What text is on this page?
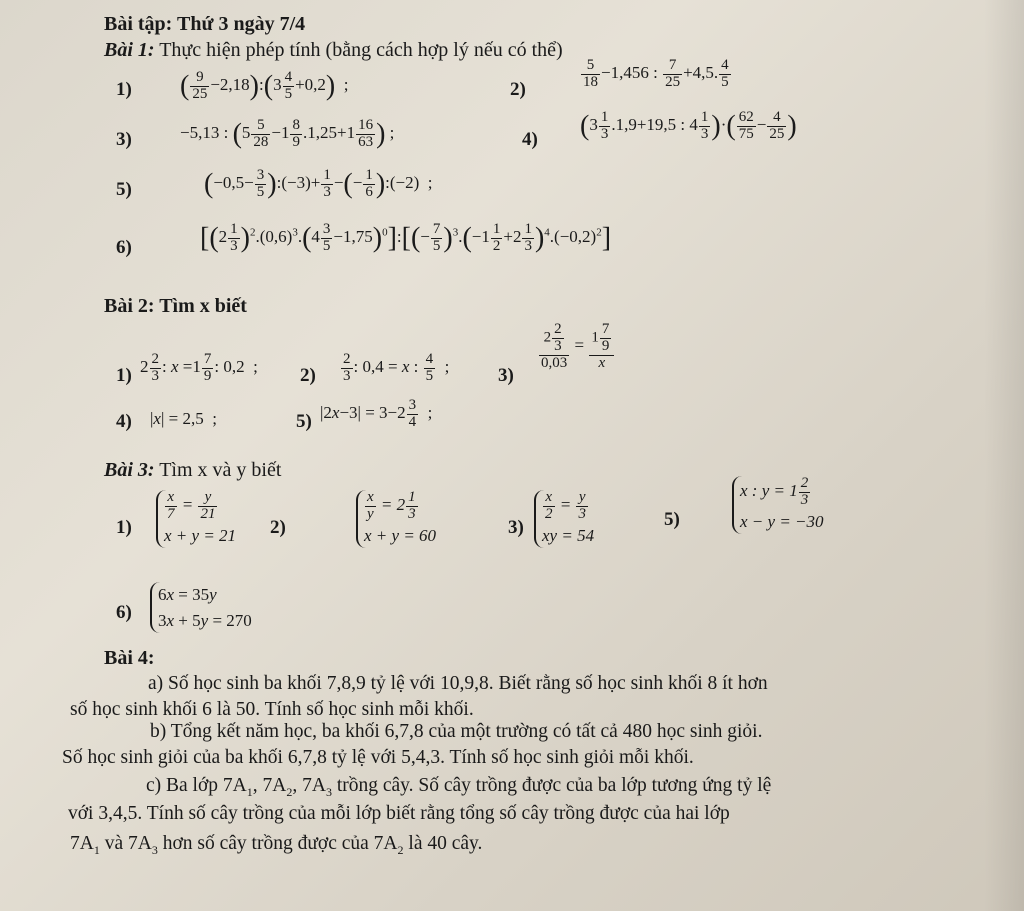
Bài tập: Thứ 3 ngày 7/4
Bài 1: Thực hiện phép tính (bằng cách hợp lý nếu có thể)
1) ( $\frac{9}{25}$ −2,18):(3 $\frac{4}{5} +0,2$)  ;	2)	$\frac{5}{18} -1,456$ : $\frac{7}{25} +4,5$. $\frac{4}{5}$
3)	−5,13 : ($5 \frac{5}{28} -1 \frac{8}{9} .1,25+1 \frac{16}{63}$ ) ;	4) ($3 \frac{1}{3} .1,9+19,5$ : $4 \frac{1}{3}$ )·( $\frac{62}{75} - \frac{4}{25}$ )
5)	($-0,5- \frac{3}{5}$ ):(−3)+ $\frac{1}{3}$ −(− $\frac{1}{6}$ ):(−2)  ;
6) [$(2 \frac{1}{3} )^2.(0,6)^3.(4 \frac{3}{5}$ $-1,75)^0]:[(- \frac{7}{5} )^3.(-1 \frac{1}{2} +2 \frac{1}{3} )^4.(-0,2)^2]$
Bài 2: Tìm x biết
1) $2 \frac{2}{3}$ : $x =1 \frac{7}{9}$ : 0,2  ; $2) \frac{2}{3}$ : 0,4 = x : $\frac{4}{5}$ ;	3)
$\frac{2 \frac{2}{3}}{0,03} = \frac{1 \frac{7}{9}}{x}$
4) |x| = 2,5  ;	5) $|2x-3| = 3-2 \frac{3}{4}$ ;
Bài 3: Tìm x và y biết
1)
$\frac{x}{7} = \frac{y}{21}$

x + y = 21 2)
$\frac{x}{y} = 2 \frac{1}{3}$

x + y = 60	3)
$\frac{x}{2} = \frac{y}{3}$

xy = 54
5)
x : $y = 1 \frac{2}{3}$

x − y = −30
6)
6x = 35y
3x + 5y = 270
Bài 4:
a) Số học sinh ba khối 7,8,9 tỷ lệ với 10,9,8. Biết rằng số học sinh khối 8 ít hơn
số học sinh khối 6 là 50. Tính số học sinh mỗi khối.
b) Tổng kết năm học, ba khối 6,7,8 của một trường có tất cả 480 học sinh giỏi.
Số học sinh giỏi của ba khối 6,7,8 tỷ lệ với 5,4,3. Tính số học sinh giỏi mỗi khối.
c) Ba lớp $7A_1$, $7A_2$, $7A_3$ trồng cây. Số cây trồng được của ba lớp tương ứng tỷ lệ
với 3,4,5. Tính số cây trồng của mỗi lớp biết rằng tổng số cây trồng được của hai lớp
$7A_1$ và $7A_3$ hơn số cây trồng được của $7A_2$ là 40 cây.
